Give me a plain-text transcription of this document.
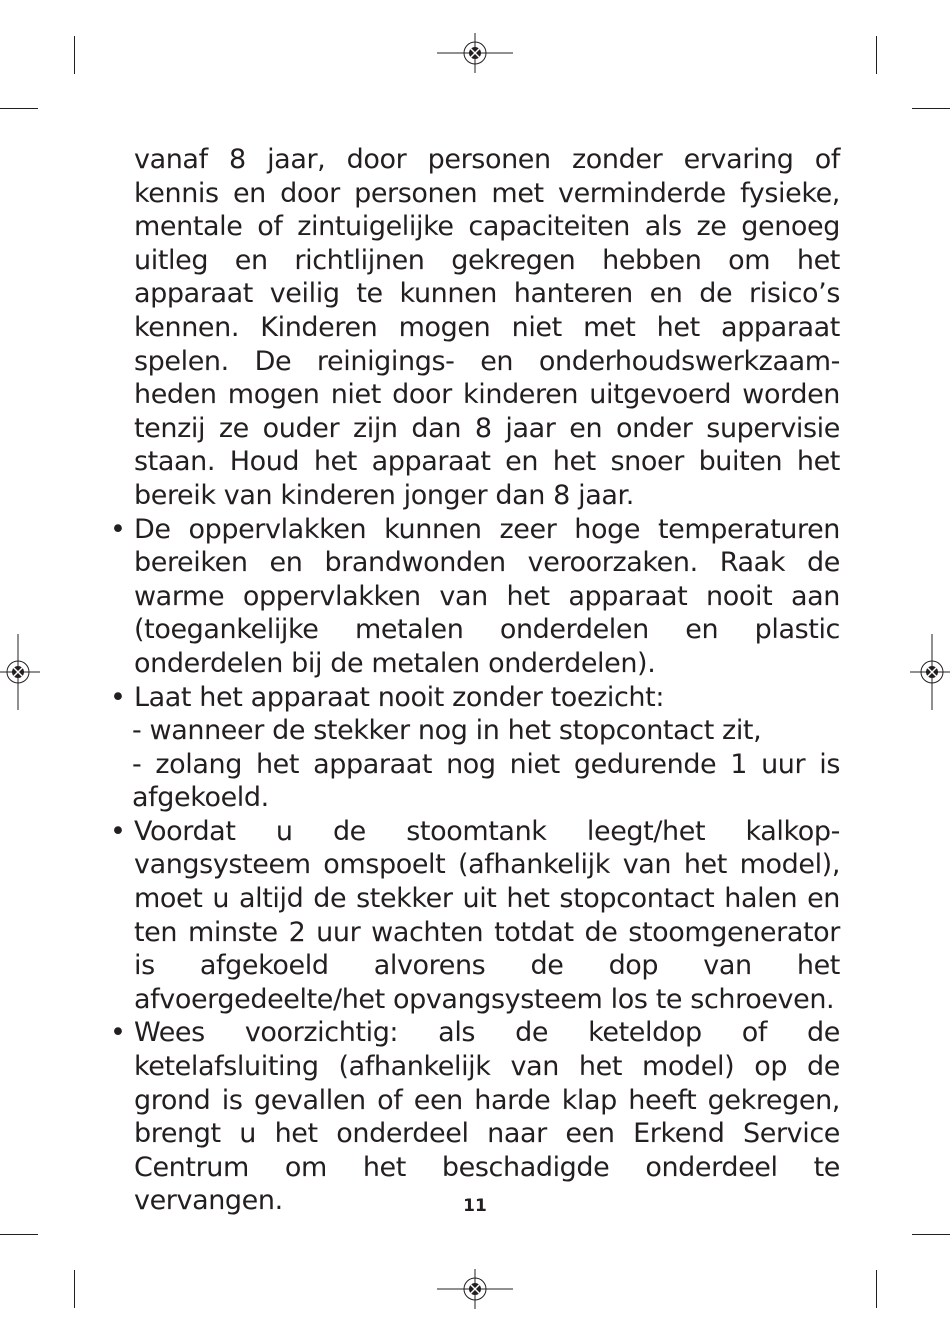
vanaf 8 jaar, door personen zonder ervaring of kennis en door personen met verminderde fysieke, mentale of zintuigelijke capaciteiten als ze genoeg uitleg en richtlijnen gekregen hebben om het apparaat veilig te kunnen hanteren en de risico’s kennen. Kinderen mogen niet met het apparaat spelen. De reinigings- en onderhoudswerkzaam-heden mogen niet door kinderen uitgevoerd worden tenzij ze ouder zijn dan 8 jaar en onder supervisie staan. Houd het apparaat en het snoer buiten het bereik van kinderen jonger dan 8 jaar.

• De oppervlakken kunnen zeer hoge temperaturen bereiken en brandwonden veroorzaken. Raak de warme oppervlakken van het apparaat nooit aan (toegankelijke metalen onderdelen en plastic onderdelen bij de metalen onderdelen).
• Laat het apparaat nooit zonder toezicht:

- wanneer de stekker nog in het stopcontact zit,

- zolang het apparaat nog niet gedurende 1 uur is afgekoeld.

• Voordat u de stoomtank leegt/het kalkop-vangsysteem omspoelt (afhankelijk van het model), moet u altijd de stekker uit het stopcontact halen en ten minste 2 uur wachten totdat de stoomgenerator is afgekoeld alvorens de dop van het afvoergedeelte/het opvangsysteem los te schroeven.
• Wees voorzichtig: als de keteldop of de ketelafsluiting (afhankelijk van het model) op de grond is gevallen of een harde klap heeft gekregen, brengt u het onderdeel naar een Erkend Service Centrum om het beschadigde onderdeel te vervangen.	11
